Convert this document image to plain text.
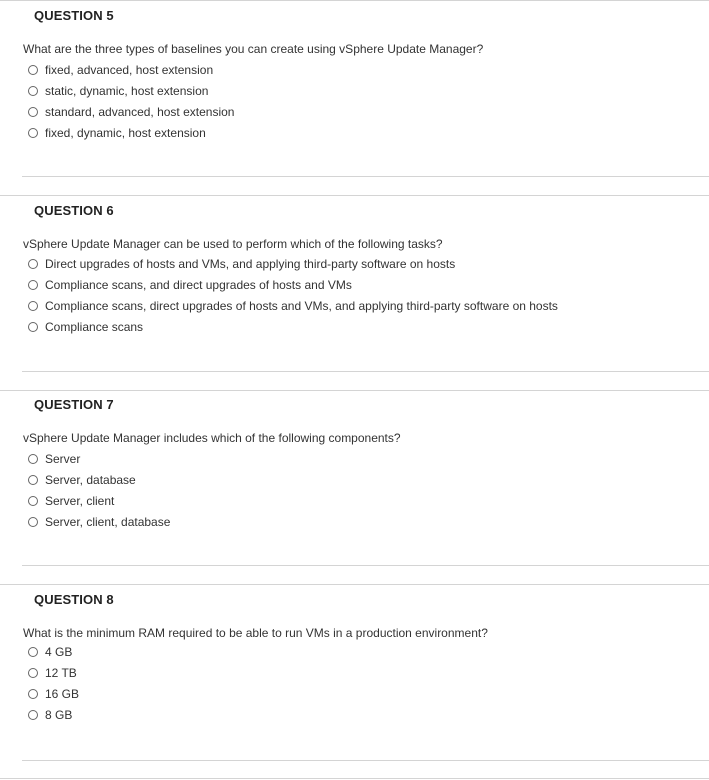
QUESTION 5
What are the three types of baselines you can create using vSphere Update Manager?
fixed, advanced, host extension
static, dynamic, host extension
standard, advanced, host extension
fixed, dynamic, host extension
QUESTION 6
vSphere Update Manager can be used to perform which of the following tasks?
Direct upgrades of hosts and VMs, and applying third-party software on hosts
Compliance scans, and direct upgrades of hosts and VMs
Compliance scans, direct upgrades of hosts and VMs, and applying third-party software on hosts
Compliance scans
QUESTION 7
vSphere Update Manager includes which of the following components?
Server
Server, database
Server, client
Server, client, database
QUESTION 8
What is the minimum RAM required to be able to run VMs in a production environment?
4 GB
12 TB
16 GB
8 GB
